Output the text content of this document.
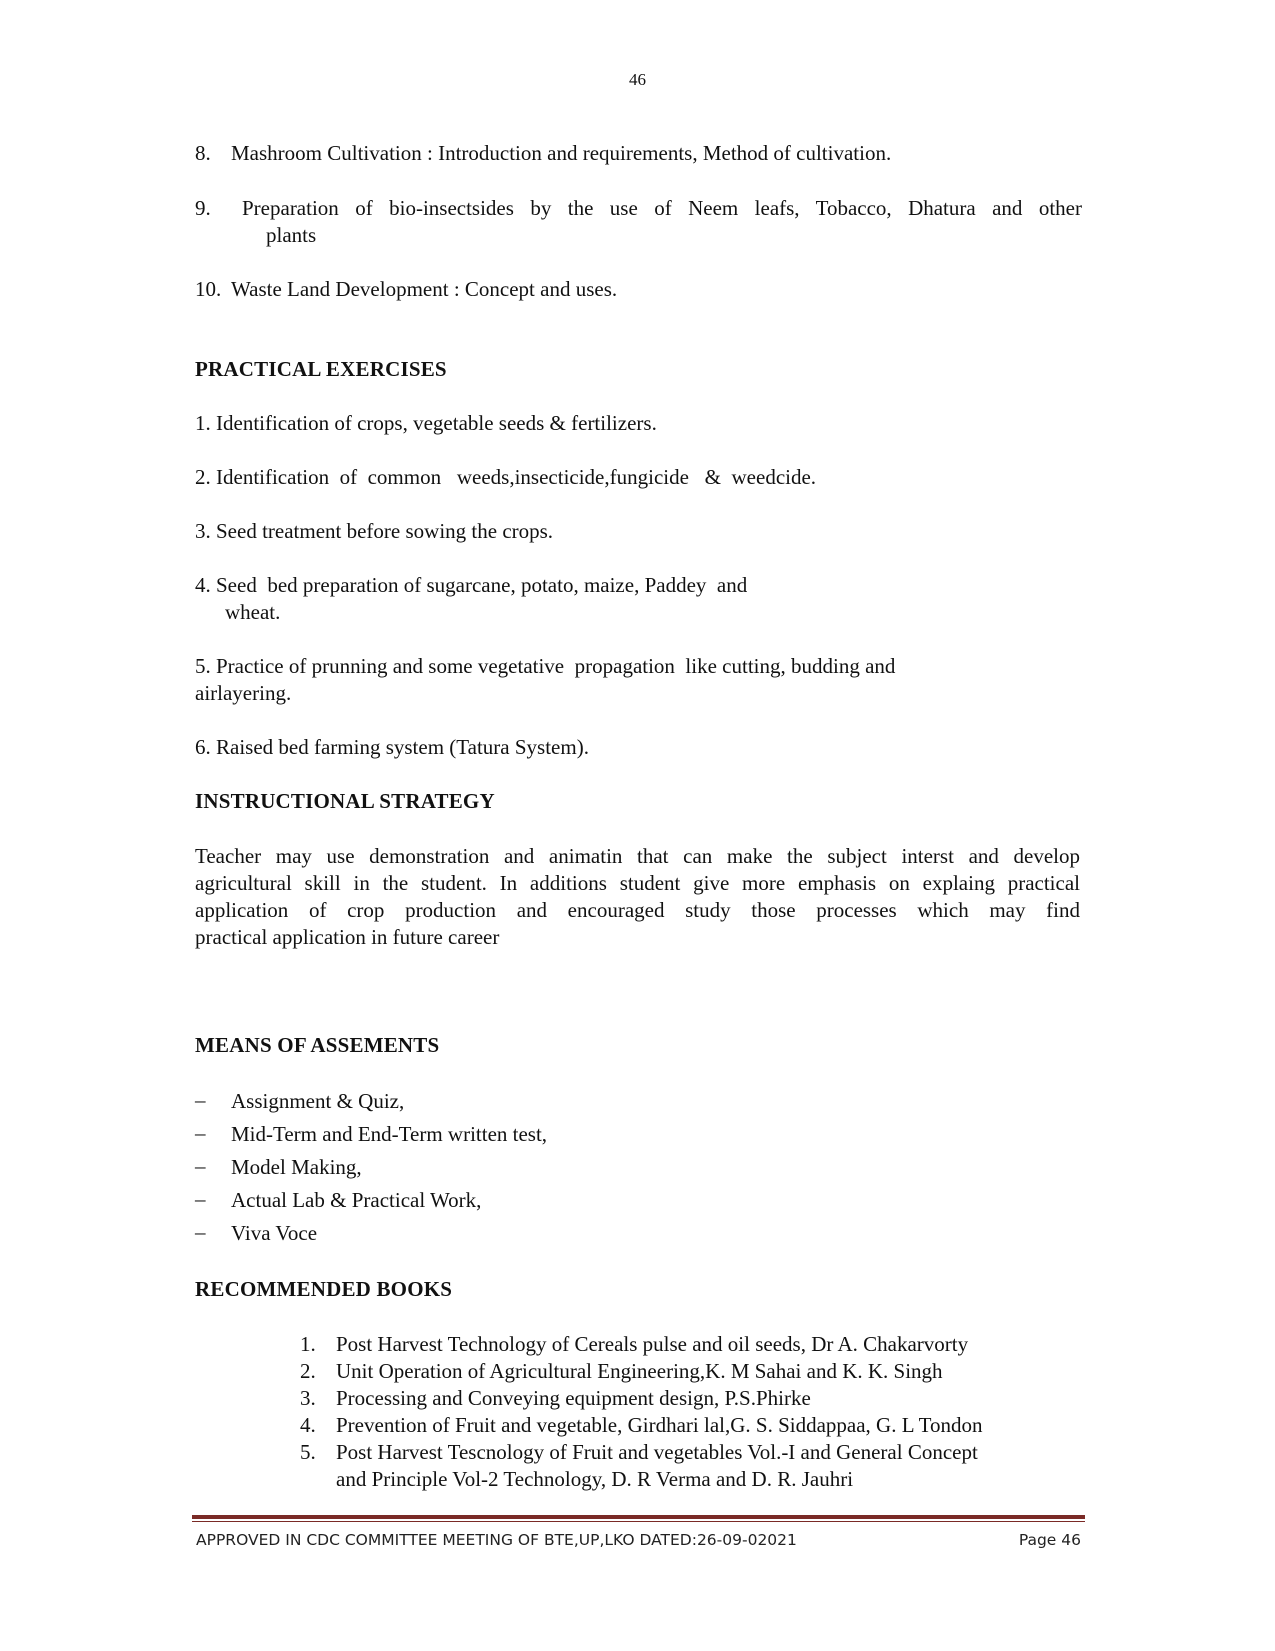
46
8. Mashroom Cultivation : Introduction and requirements, Method of cultivation.
9. Preparation of bio-insectsides by the use of Neem leafs, Tobacco, Dhatura and other
plants
10. Waste Land Development : Concept and uses.
PRACTICAL EXERCISES
1. Identification of crops, vegetable seeds & fertilizers.
2. Identification  of  common   weeds,insecticide,fungicide   &  weedcide.
3. Seed treatment before sowing the crops.
4. Seed  bed preparation of sugarcane, potato, maize, Paddey  and
wheat.
5. Practice of prunning and some vegetative  propagation  like cutting, budding and
airlayering.
6. Raised bed farming system (Tatura System).
INSTRUCTIONAL STRATEGY
Teacher may use demonstration and animatin that can make the subject interst and develop
agricultural skill in the student. In additions student give more emphasis on explaing practical
application of crop production and encouraged study those processes which may find
practical application in future career
MEANS OF ASSEMENTS
– Assignment & Quiz,
– Mid-Term and End-Term written test,
– Model Making,
– Actual Lab & Practical Work,
– Viva Voce
RECOMMENDED BOOKS
1. Post Harvest Technology of Cereals pulse and oil seeds, Dr A. Chakarvorty
2. Unit Operation of Agricultural Engineering,K. M Sahai and K. K. Singh
3. Processing and Conveying equipment design, P.S.Phirke
4. Prevention of Fruit and vegetable, Girdhari lal,G. S. Siddappaa, G. L Tondon
5. Post Harvest Tescnology of Fruit and vegetables Vol.-I and General Concept
and Principle Vol-2 Technology, D. R Verma and D. R. Jauhri
APPROVED IN CDC COMMITTEE MEETING OF BTE,UP,LKO DATED:26-09-02021	Page 46
